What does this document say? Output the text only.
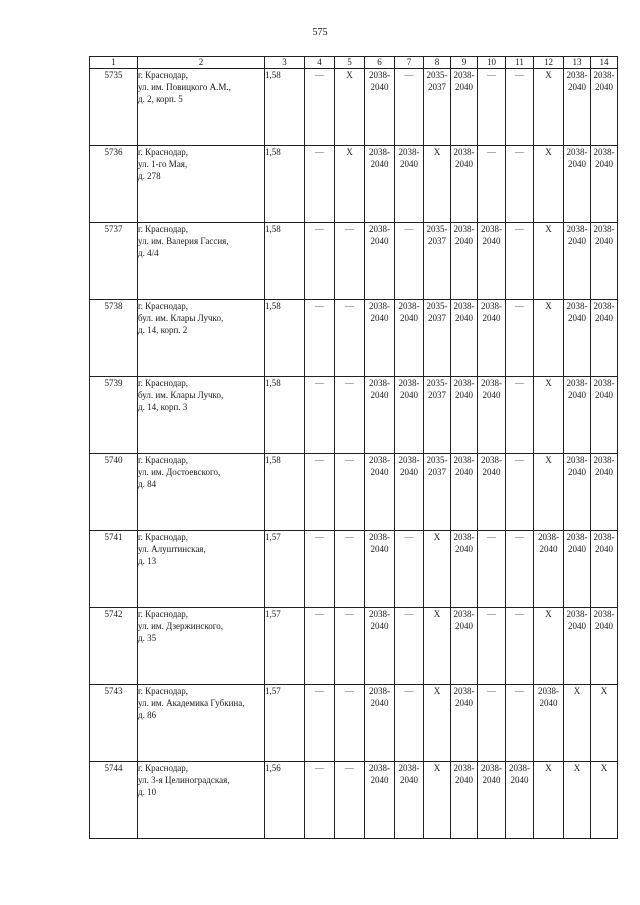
575
1	2	3	4	5	6	7	8	9	10	11	12	13	14
5735	г. Краснодар,
ул. им. Повицкого А.М.,
д. 2, корп. 5	1,58	—	Х	2038-2040	—	2035-2037	2038-2040	—	—	Х	2038-2040	2038-2040
5736	г. Краснодар,
ул. 1-го Мая,
д. 278	1,58	—	Х	2038-2040	2038-2040	Х	2038-2040	—	—	Х	2038-2040	2038-2040
5737	г. Краснодар,
ул. им. Валерия Гассия,
д. 4/4	1,58	—	—	2038-2040	—	2035-2037	2038-2040	2038-2040	—	Х	2038-2040	2038-2040
5738	г. Краснодар,
бул. им. Клары Лучко,
д. 14, корп. 2	1,58	—	—	2038-2040	2038-2040	2035-2037	2038-2040	2038-2040	—	Х	2038-2040	2038-2040
5739	г. Краснодар,
бул. им. Клары Лучко,
д. 14, корп. 3	1,58	—	—	2038-2040	2038-2040	2035-2037	2038-2040	2038-2040	—	Х	2038-2040	2038-2040
5740	г. Краснодар,
ул. им. Достоевского,
д. 84	1,58	—	—	2038-2040	2038-2040	2035-2037	2038-2040	2038-2040	—	Х	2038-2040	2038-2040
5741	г. Краснодар,
ул. Алуштинская,
д. 13	1,57	—	—	2038-2040	—	Х	2038-2040	—	—	2038-2040	2038-2040	2038-2040
5742	г. Краснодар,
ул. им. Дзержинского,
д. 35	1,57	—	—	2038-2040	—	Х	2038-2040	—	—	Х	2038-2040	2038-2040
5743	г. Краснодар,
ул. им. Академика Губкина,
д. 86	1,57	—	—	2038-2040	—	Х	2038-2040	—	—	2038-2040	Х	Х
5744	г. Краснодар,
ул. 3-я Целиноградская,
д. 10	1,56	—	—	2038-2040	2038-2040	Х	2038-2040	2038-2040	2038-2040	Х	Х	Х
